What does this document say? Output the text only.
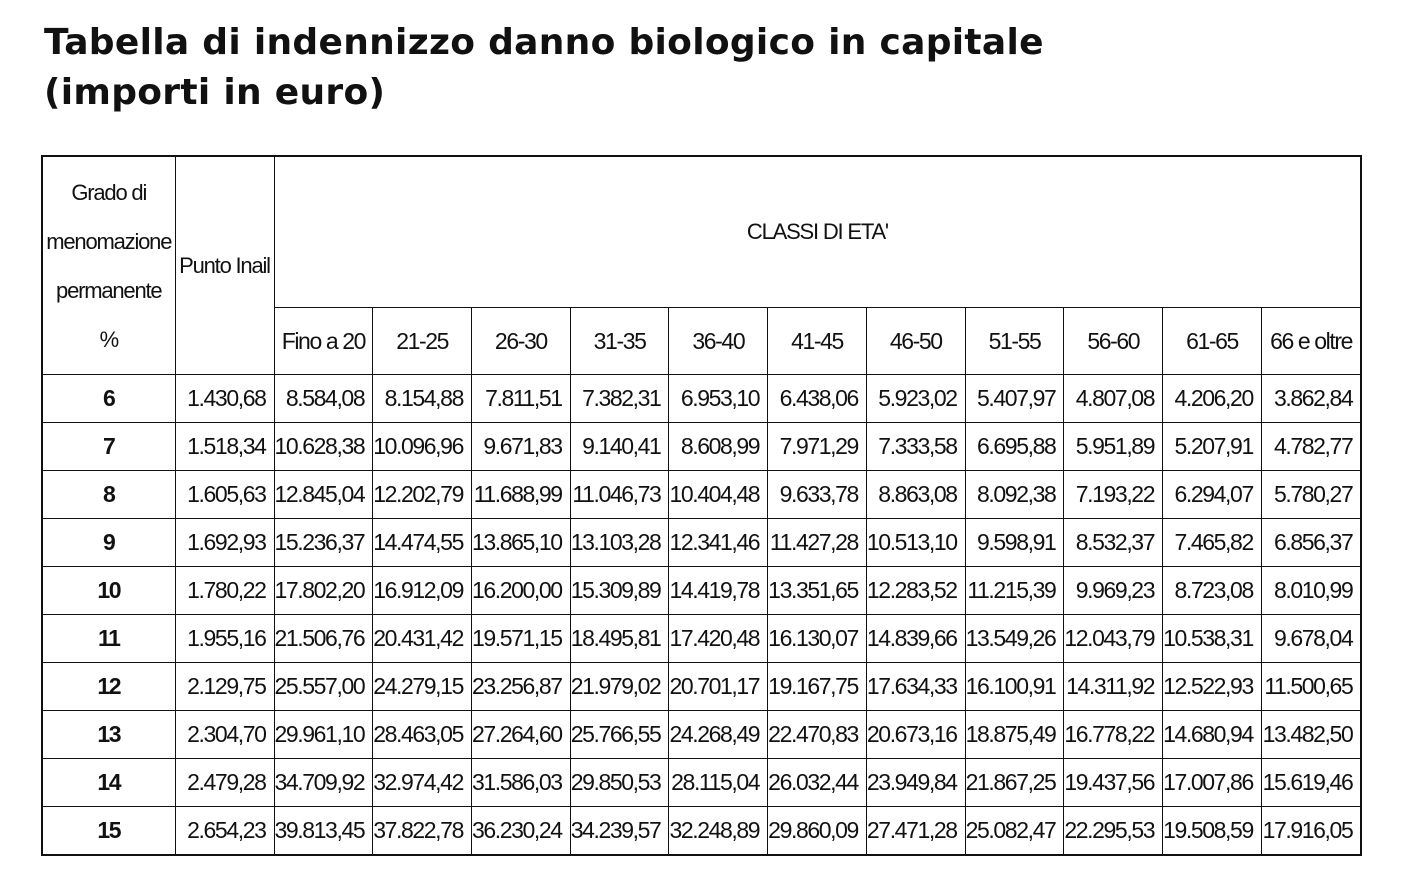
Tabella di indennizzo danno biologico in capitale
(importi in euro)
Grado di
menomazione
permanente
%	Punto Inail	CLASSI DI ETA'										
		Fino a 20	21-25	26-30	31-35	36-40	41-45	46-50	51-55	56-60	61-65	66 e oltre
6	1.430,68	8.584,08	8.154,88	7.811,51	7.382,31	6.953,10	6.438,06	5.923,02	5.407,97	4.807,08	4.206,20	3.862,84
7	1.518,34	10.628,38	10.096,96	9.671,83	9.140,41	8.608,99	7.971,29	7.333,58	6.695,88	5.951,89	5.207,91	4.782,77
8	1.605,63	12.845,04	12.202,79	11.688,99	11.046,73	10.404,48	9.633,78	8.863,08	8.092,38	7.193,22	6.294,07	5.780,27
9	1.692,93	15.236,37	14.474,55	13.865,10	13.103,28	12.341,46	11.427,28	10.513,10	9.598,91	8.532,37	7.465,82	6.856,37
10	1.780,22	17.802,20	16.912,09	16.200,00	15.309,89	14.419,78	13.351,65	12.283,52	11.215,39	9.969,23	8.723,08	8.010,99
11	1.955,16	21.506,76	20.431,42	19.571,15	18.495,81	17.420,48	16.130,07	14.839,66	13.549,26	12.043,79	10.538,31	9.678,04
12	2.129,75	25.557,00	24.279,15	23.256,87	21.979,02	20.701,17	19.167,75	17.634,33	16.100,91	14.311,92	12.522,93	11.500,65
13	2.304,70	29.961,10	28.463,05	27.264,60	25.766,55	24.268,49	22.470,83	20.673,16	18.875,49	16.778,22	14.680,94	13.482,50
14	2.479,28	34.709,92	32.974,42	31.586,03	29.850,53	28.115,04	26.032,44	23.949,84	21.867,25	19.437,56	17.007,86	15.619,46
15	2.654,23	39.813,45	37.822,78	36.230,24	34.239,57	32.248,89	29.860,09	27.471,28	25.082,47	22.295,53	19.508,59	17.916,05
